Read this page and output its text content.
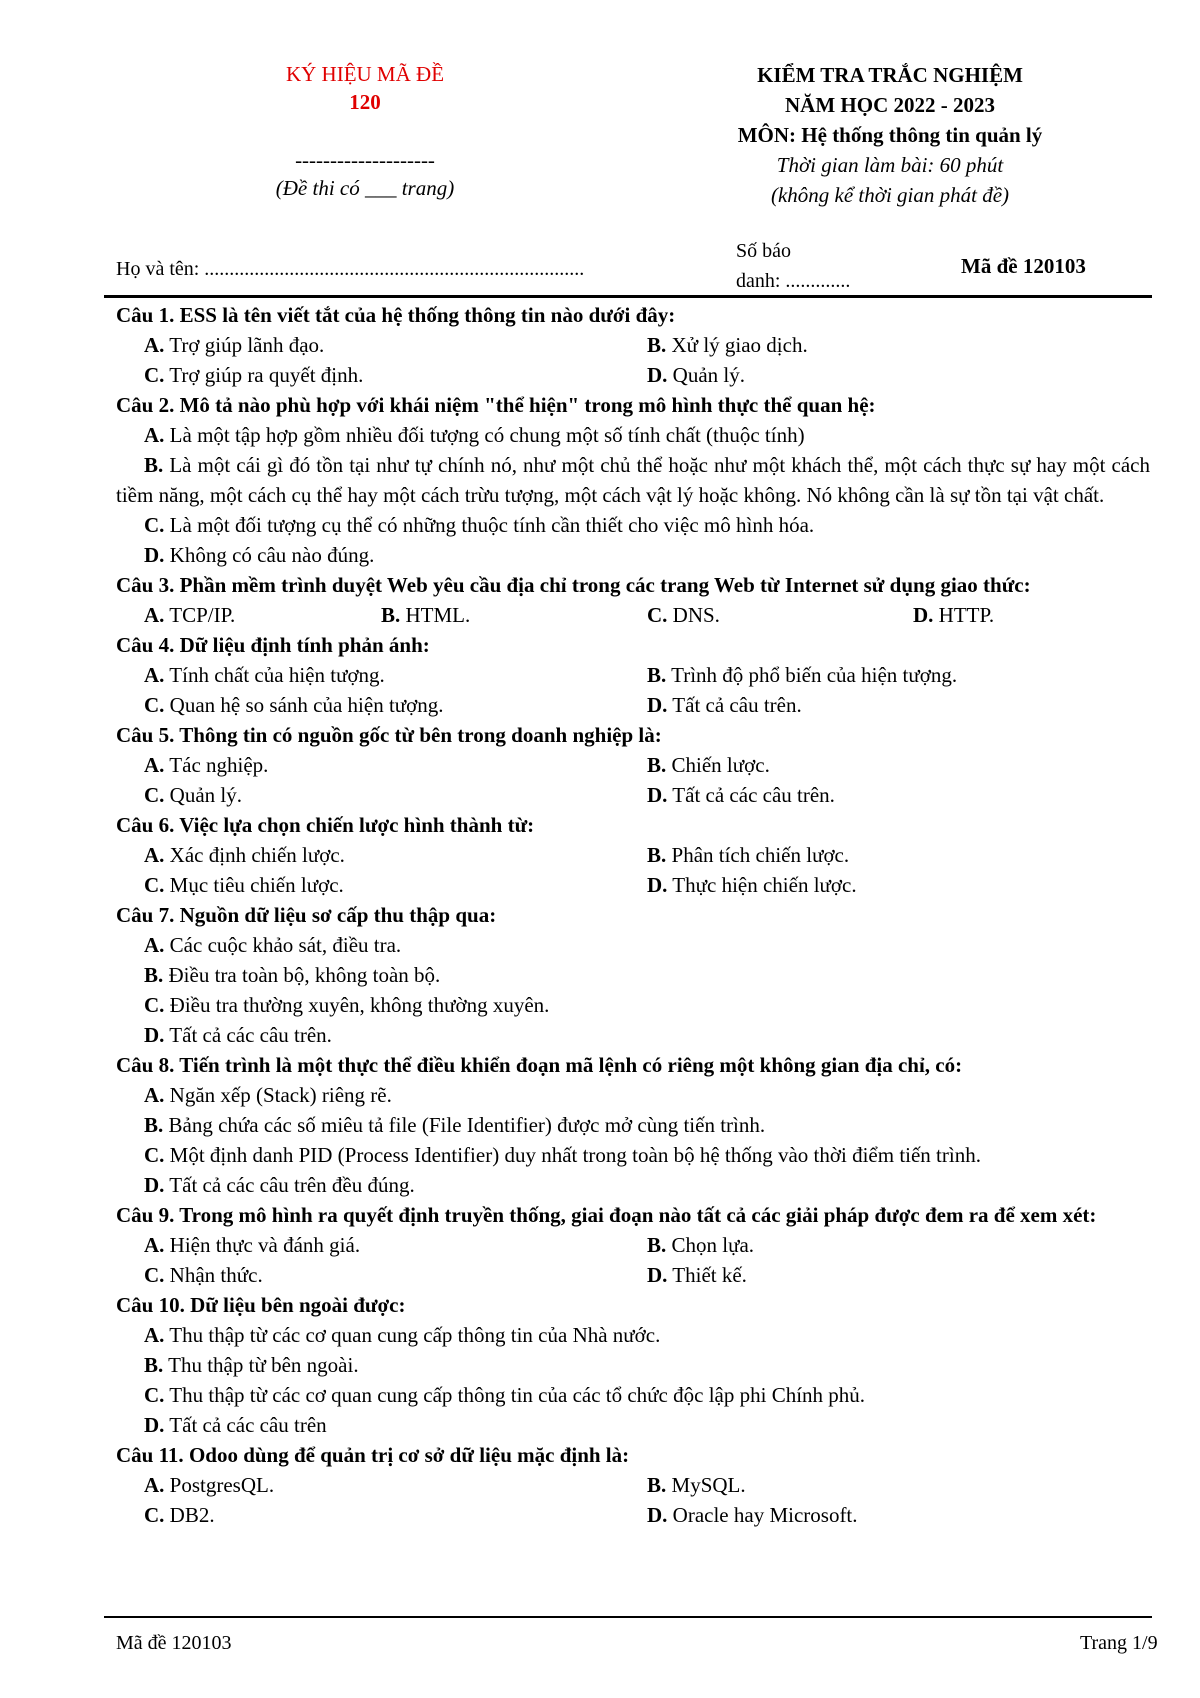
KÝ HIỆU MÃ ĐỀ
120
--------------------
(Đề thi có ___ trang)
KIỂM TRA TRẮC NGHIỆM
NĂM HỌC 2022 - 2023
MÔN: Hệ thống thông tin quản lý
Thời gian làm bài: 60 phút
(không kể thời gian phát đề)
Họ và tên: ............................................................................
Số báo
danh: .............
Mã đề 120103
Câu 1. ESS là tên viết tắt của hệ thống thông tin nào dưới đây:
A. Trợ giúp lãnh đạo.	B. Xử lý giao dịch.
C. Trợ giúp ra quyết định.	D. Quản lý.
Câu 2. Mô tả nào phù hợp với khái niệm "thể hiện" trong mô hình thực thể quan hệ:
A. Là một tập hợp gồm nhiều đối tượng có chung một số tính chất (thuộc tính)
B. Là một cái gì đó tồn tại như tự chính nó, như một chủ thể hoặc như một khách thể, một cách thực sự hay một cách tiềm năng, một cách cụ thể hay một cách trừu tượng, một cách vật lý hoặc không. Nó không cần là sự tồn tại vật chất.
C. Là một đối tượng cụ thể có những thuộc tính cần thiết cho việc mô hình hóa.
D. Không có câu nào đúng.
Câu 3. Phần mềm trình duyệt Web yêu cầu địa chỉ trong các trang Web từ Internet sử dụng giao thức:
A. TCP/IP.	B. HTML.	C. DNS.	D. HTTP.
Câu 4. Dữ liệu định tính phản ánh:
A. Tính chất của hiện tượng.	B. Trình độ phổ biến của hiện tượng.
C. Quan hệ so sánh của hiện tượng.	D. Tất cả câu trên.
Câu 5. Thông tin có nguồn gốc từ bên trong doanh nghiệp là:
A. Tác nghiệp.	B. Chiến lược.
C. Quản lý.	D. Tất cả các câu trên.
Câu 6. Việc lựa chọn chiến lược hình thành từ:
A. Xác định chiến lược.	B. Phân tích chiến lược.
C. Mục tiêu chiến lược.	D. Thực hiện chiến lược.
Câu 7. Nguồn dữ liệu sơ cấp thu thập qua:
A. Các cuộc khảo sát, điều tra.
B. Điều tra toàn bộ, không toàn bộ.
C. Điều tra thường xuyên, không thường xuyên.
D. Tất cả các câu trên.
Câu 8. Tiến trình là một thực thể điều khiển đoạn mã lệnh có riêng một không gian địa chỉ, có:
A. Ngăn xếp (Stack) riêng rẽ.
B. Bảng chứa các số miêu tả file (File Identifier) được mở cùng tiến trình.
C. Một định danh PID (Process Identifier) duy nhất trong toàn bộ hệ thống vào thời điểm tiến trình.
D. Tất cả các câu trên đều đúng.
Câu 9. Trong mô hình ra quyết định truyền thống, giai đoạn nào tất cả các giải pháp được đem ra để xem xét:
A. Hiện thực và đánh giá.	B. Chọn lựa.
C. Nhận thức.	D. Thiết kế.
Câu 10. Dữ liệu bên ngoài được:
A. Thu thập từ các cơ quan cung cấp thông tin của Nhà nước.
B. Thu thập từ bên ngoài.
C. Thu thập từ các cơ quan cung cấp thông tin của các tổ chức độc lập phi Chính phủ.
D. Tất cả các câu trên
Câu 11. Odoo dùng để quản trị cơ sở dữ liệu mặc định là:
A. PostgresQL.	B. MySQL.
C. DB2.	D. Oracle hay Microsoft.
Mã đề 120103	Trang 1/9
